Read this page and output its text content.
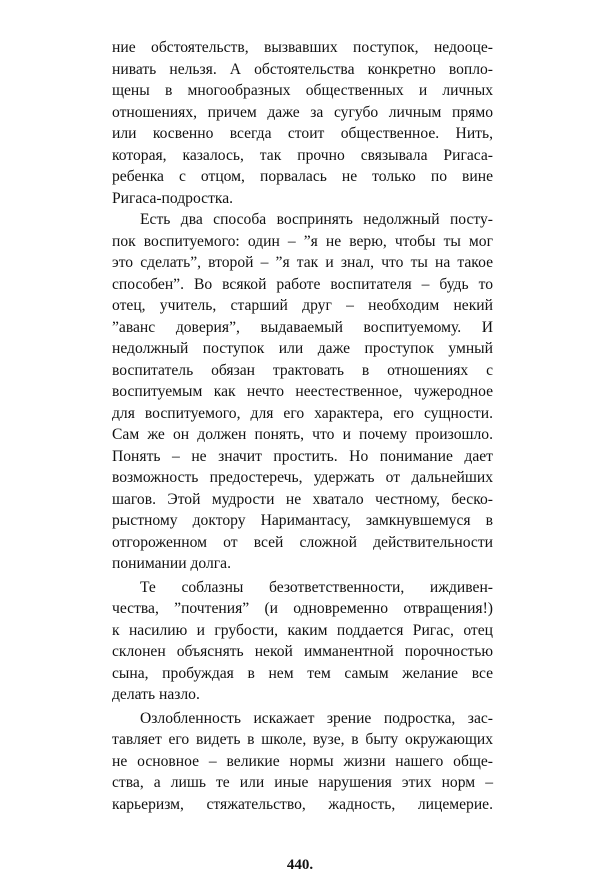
ние обстоятельств, вызвавших поступок, недооце-
нивать нельзя. А обстоятельства конкретно вопло-
щены в многообразных общественных и личных
отношениях, причем даже за сугубо личным прямо
или косвенно всегда стоит общественное. Нить,
которая, казалось, так прочно связывала Ригаса-
ребенка с отцом, порвалась не только по вине
Ригаса-подростка.
Есть два способа воспринять недолжный посту-
пок воспитуемого: один – ”я не верю, чтобы ты мог
это сделать”, второй – ”я так и знал, что ты на такое
способен”. Во всякой работе воспитателя – будь то
отец, учитель, старший друг – необходим некий
”аванс доверия”, выдаваемый воспитуемому. И
недолжный поступок или даже проступок умный
воспитатель обязан трактовать в отношениях с
воспитуемым как нечто неестественное, чужеродное
для воспитуемого, для его характера, его сущности.
Сам же он должен понять, что и почему произошло.
Понять – не значит простить. Но понимание дает
возможность предостеречь, удержать от дальнейших
шагов. Этой мудрости не хватало честному, беско-
рыстному доктору Наримантасу, замкнувшемуся в
отгороженном от всей сложной действительности
понимании долга.
Те соблазны безответственности, иждивен-
чества, ”почтения” (и одновременно отвращения!)
к насилию и грубости, каким поддается Ригас, отец
склонен объяснять некой имманентной порочностью
сына, пробуждая в нем тем самым желание все
делать назло.
Озлобленность искажает зрение подростка, зас-
тавляет его видеть в школе, вузе, в быту окружающих
не основное – великие нормы жизни нашего обще-
ства, а лишь те или иные нарушения этих норм –
карьеризм, стяжательство, жадность, лицемерие.
440.
